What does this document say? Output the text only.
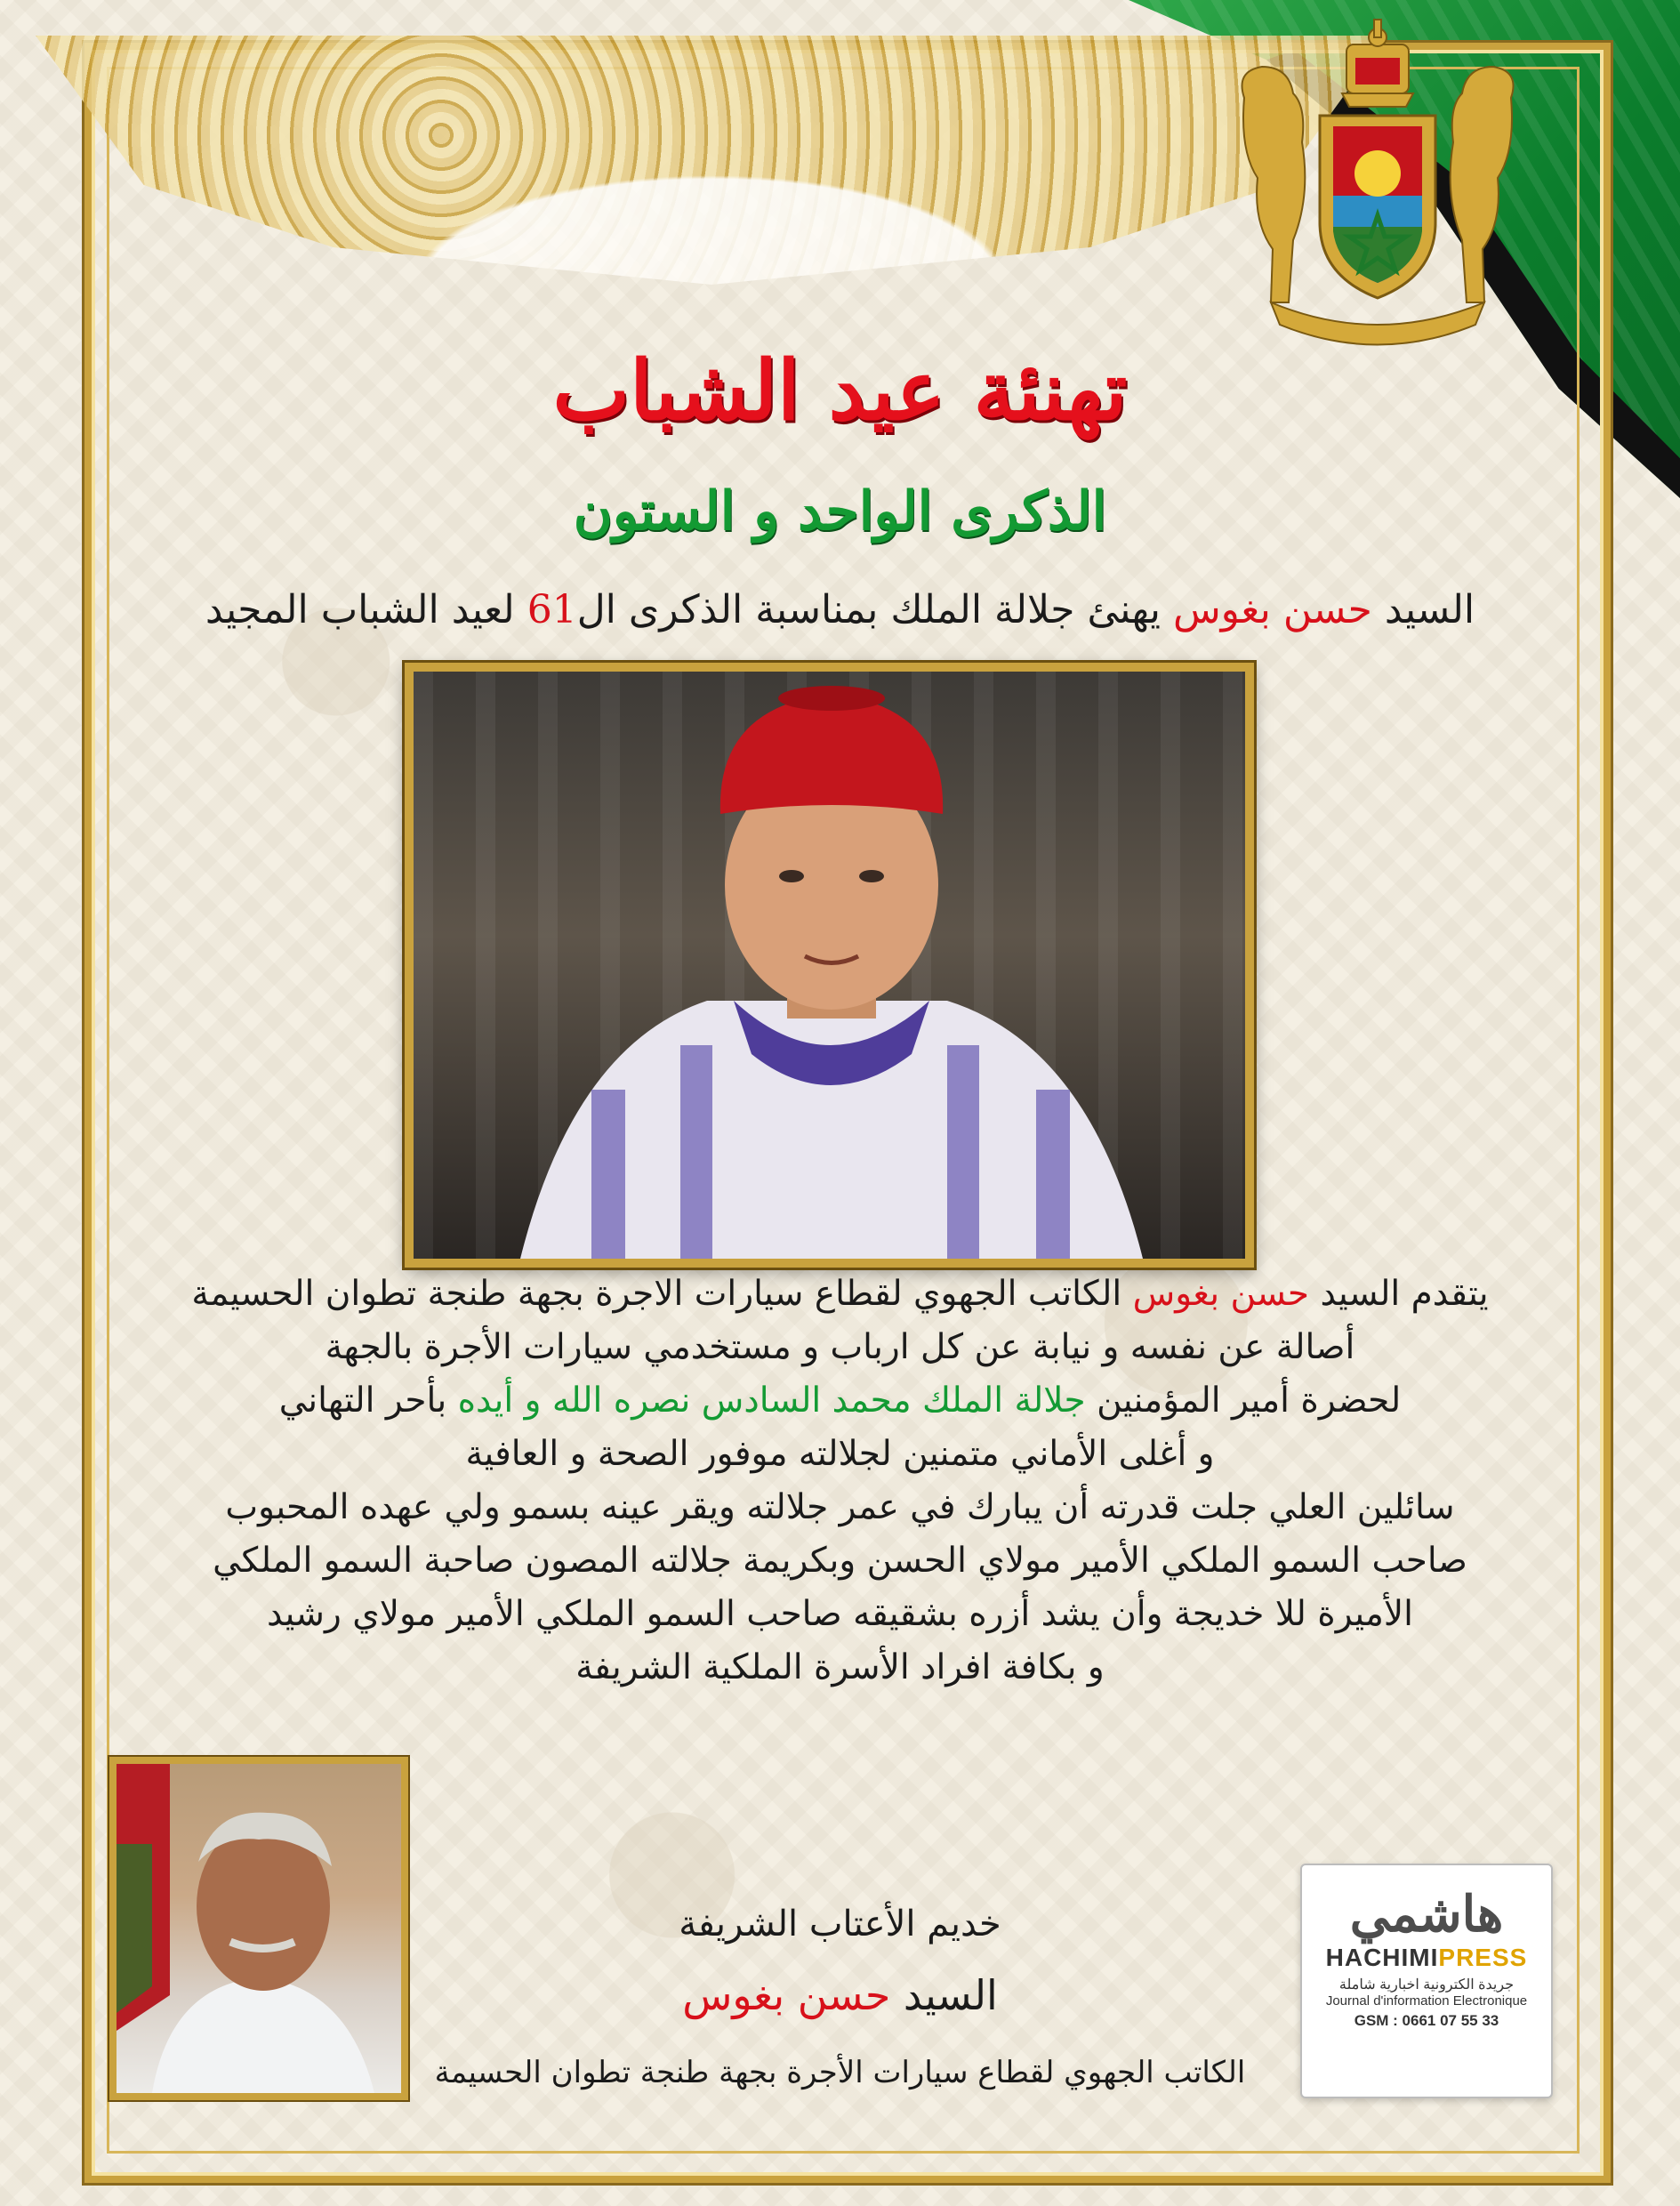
تهنئة عيد الشباب
الذكرى الواحد و الستون
السيد حسن بغوس يهنئ جلالة الملك بمناسبة الذكرى ال61 لعيد الشباب المجيد

يتقدم السيد حسن بغوس الكاتب الجهوي لقطاع سيارات الاجرة بجهة طنجة تطوان الحسيمة

أصالة عن نفسه و نيابة عن كل ارباب و مستخدمي سيارات الأجرة بالجهة

لحضرة أمير المؤمنين جلالة الملك محمد السادس نصره الله و أيده بأحر التهاني

و أغلى الأماني متمنين لجلالته موفور الصحة و العافية

سائلين العلي جلت قدرته أن يبارك في عمر جلالته ويقر عينه بسمو ولي عهده المحبوب

صاحب السمو الملكي الأمير مولاي الحسن وبكريمة جلالته المصون صاحبة السمو الملكي

الأميرة للا خديجة وأن يشد أزره بشقيقه صاحب السمو الملكي الأمير مولاي رشيد

و بكافة افراد الأسرة الملكية الشريفة

خديم الأعتاب الشريفة
السيد حسن بغوس
الكاتب الجهوي لقطاع سيارات الأجرة بجهة طنجة تطوان الحسيمة
هاشمي
HACHIMIPRESS
جريدة الكترونية اخبارية شاملة
Journal d'information Electronique
GSM : 0661 07 55 33
